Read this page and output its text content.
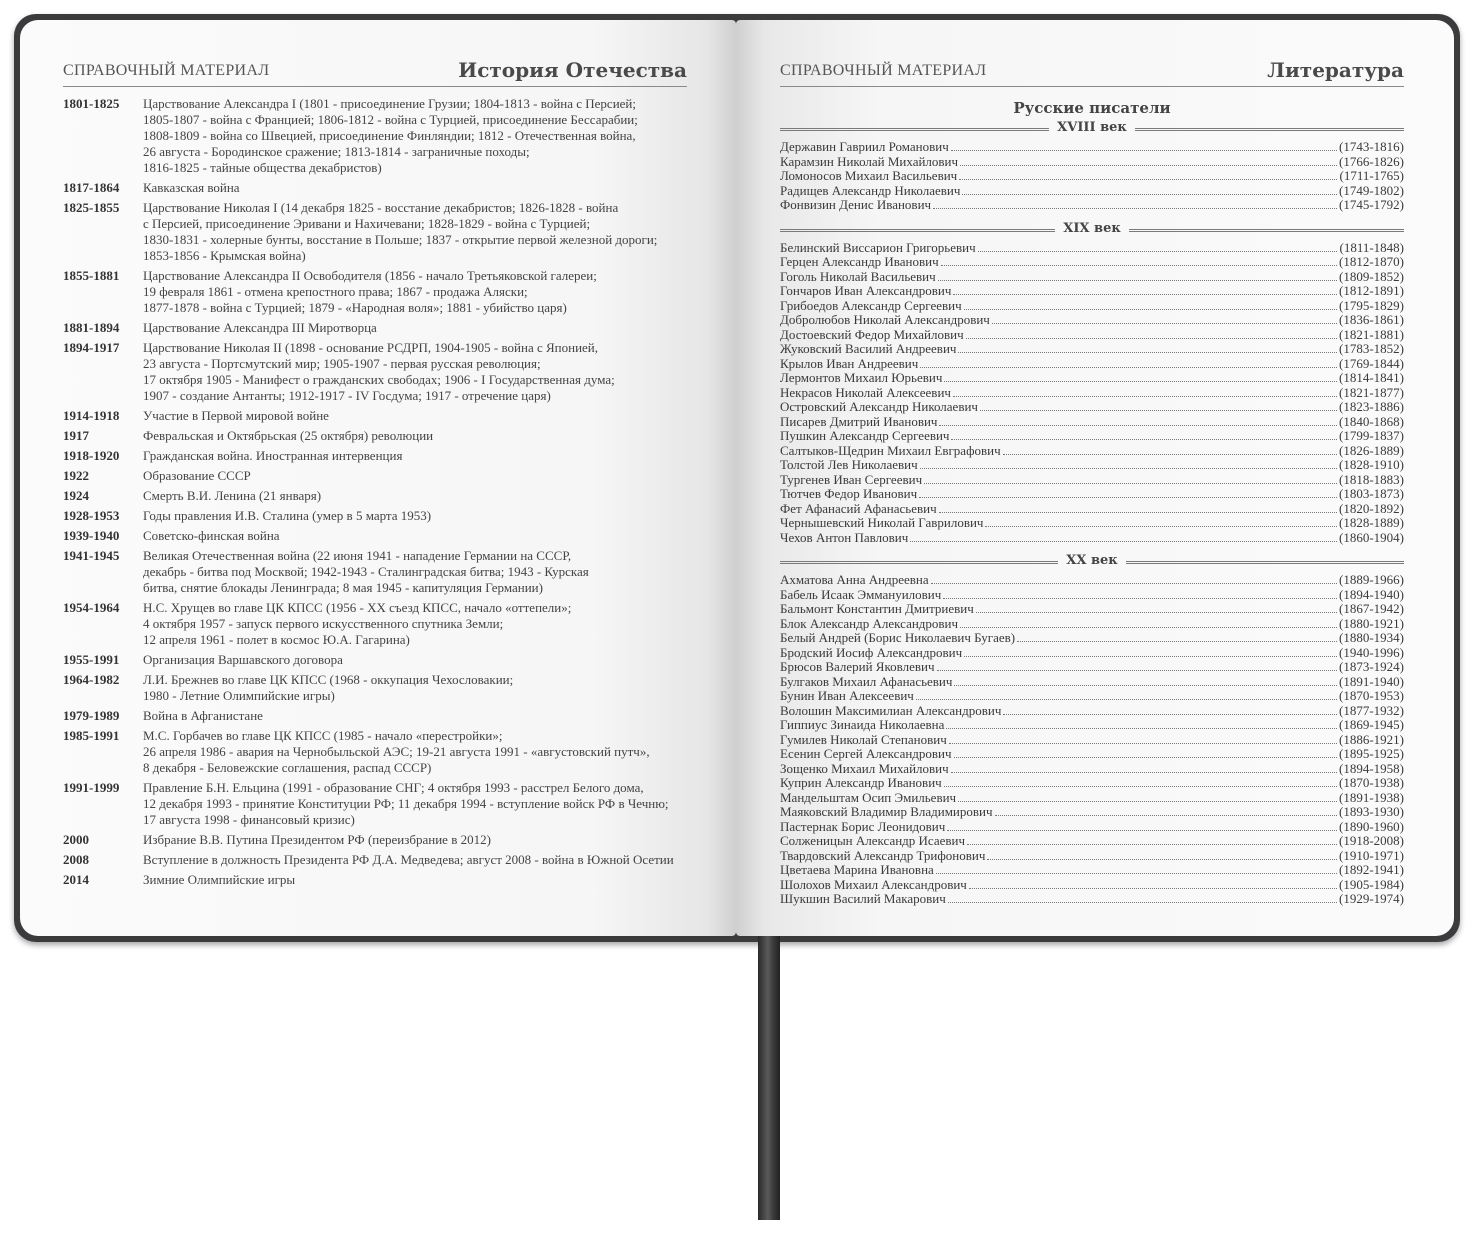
СПРАВОЧНЫЙ МАТЕРИАЛ	История Отечества
1801-1825	Царствование Александра I (1801 - присоединение Грузии; 1804-1813 - война с Персией;
1805-1807 - война с Францией; 1806-1812 - война с Турцией, присоединение Бессарабии;
1808-1809 - война со Швецией, присоединение Финляндии; 1812 - Отечественная война,
26 августа - Бородинское сражение; 1813-1814 - заграничные походы;
1816-1825 - тайные общества декабристов)
1817-1864	Кавказская война
1825-1855	Царствование Николая I (14 декабря 1825 - восстание декабристов; 1826-1828 - война
с Персией, присоединение Эривани и Нахичевани; 1828-1829 - война с Турцией;
1830-1831 - холерные бунты, восстание в Польше; 1837 - открытие первой железной дороги;
1853-1856 - Крымская война)
1855-1881	Царствование Александра II Освободителя (1856 - начало Третьяковской галереи;
19 февраля 1861 - отмена крепостного права; 1867 - продажа Аляски;
1877-1878 - война с Турцией; 1879 - «Народная воля»; 1881 - убийство царя)
1881-1894	Царствование Александра III Миротворца
1894-1917	Царствование Николая II (1898 - основание РСДРП, 1904-1905 - война с Японией,
23 августа - Портсмутский мир; 1905-1907 - первая русская революция;
17 октября 1905 - Манифест о гражданских свободах; 1906 - I Государственная дума;
1907 - создание Антанты; 1912-1917 - IV Госдума; 1917 - отречение царя)
1914-1918	Участие в Первой мировой войне
1917	Февральская и Октябрьская (25 октября) революции
1918-1920	Гражданская война. Иностранная интервенция
1922	Образование СССР
1924	Смерть В.И. Ленина (21 января)
1928-1953	Годы правления И.В. Сталина (умер в 5 марта 1953)
1939-1940	Советско-финская война
1941-1945	Великая Отечественная война (22 июня 1941 - нападение Германии на СССР,
декабрь - битва под Москвой; 1942-1943 - Сталинградская битва; 1943 - Курская
битва, снятие блокады Ленинграда; 8 мая 1945 - капитуляция Германии)
1954-1964	Н.С. Хрущев во главе ЦК КПСС (1956 - XX съезд КПСС, начало «оттепели»;
4 октября 1957 - запуск первого искусственного спутника Земли;
12 апреля 1961 - полет в космос Ю.А. Гагарина)
1955-1991	Организация Варшавского договора
1964-1982	Л.И. Брежнев во главе ЦК КПСС (1968 - оккупация Чехословакии;
1980 - Летние Олимпийские игры)
1979-1989	Война в Афганистане
1985-1991	М.С. Горбачев во главе ЦК КПСС (1985 - начало «перестройки»;
26 апреля 1986 - авария на Чернобыльской АЭС; 19-21 августа 1991 - «августовский путч»,
8 декабря - Беловежские соглашения, распад СССР)
1991-1999	Правление Б.Н. Ельцина (1991 - образование СНГ; 4 октября 1993 - расстрел Белого дома,
12 декабря 1993 - принятие Конституции РФ; 11 декабря 1994 - вступление войск РФ в Чечню;
17 августа 1998 - финансовый кризис)
2000	Избрание В.В. Путина Президентом РФ (переизбрание в 2012)
2008	Вступление в должность Президента РФ Д.А. Медведева; август 2008 - война в Южной Осетии
2014	Зимние Олимпийские игры
СПРАВОЧНЫЙ МАТЕРИАЛ	Литература
Русские писатели
XVIII век
Державин Гавриил Романович	(1743-1816)
Карамзин Николай Михайлович	(1766-1826)
Ломоносов Михаил Васильевич	(1711-1765)
Радищев Александр Николаевич	(1749-1802)
Фонвизин Денис Иванович	(1745-1792)
XIX век
Белинский Виссарион Григорьевич	(1811-1848)
Герцен Александр Иванович	(1812-1870)
Гоголь Николай Васильевич	(1809-1852)
Гончаров Иван Александрович	(1812-1891)
Грибоедов Александр Сергеевич	(1795-1829)
Добролюбов Николай Александрович	(1836-1861)
Достоевский Федор Михайлович	(1821-1881)
Жуковский Василий Андреевич	(1783-1852)
Крылов Иван Андреевич	(1769-1844)
Лермонтов Михаил Юрьевич	(1814-1841)
Некрасов Николай Алексеевич	(1821-1877)
Островский Александр Николаевич	(1823-1886)
Писарев Дмитрий Иванович	(1840-1868)
Пушкин Александр Сергеевич	(1799-1837)
Салтыков-Щедрин Михаил Евграфович	(1826-1889)
Толстой Лев Николаевич	(1828-1910)
Тургенев Иван Сергеевич	(1818-1883)
Тютчев Федор Иванович	(1803-1873)
Фет Афанасий Афанасьевич	(1820-1892)
Чернышевский Николай Гаврилович	(1828-1889)
Чехов Антон Павлович	(1860-1904)
XX век
Ахматова Анна Андреевна	(1889-1966)
Бабель Исаак Эммануилович	(1894-1940)
Бальмонт Константин Дмитриевич	(1867-1942)
Блок Александр Александрович	(1880-1921)
Белый Андрей (Борис Николаевич Бугаев)	(1880-1934)
Бродский Иосиф Александрович	(1940-1996)
Брюсов Валерий Яковлевич	(1873-1924)
Булгаков Михаил Афанасьевич	(1891-1940)
Бунин Иван Алексеевич	(1870-1953)
Волошин Максимилиан Александрович	(1877-1932)
Гиппиус Зинаида Николаевна	(1869-1945)
Гумилев Николай Степанович	(1886-1921)
Есенин Сергей Александрович	(1895-1925)
Зощенко Михаил Михайлович	(1894-1958)
Куприн Александр Иванович	(1870-1938)
Мандельштам Осип Эмильевич	(1891-1938)
Маяковский Владимир Владимирович	(1893-1930)
Пастернак Борис Леонидович	(1890-1960)
Солженицын Александр Исаевич	(1918-2008)
Твардовский Александр Трифонович	(1910-1971)
Цветаева Марина Ивановна	(1892-1941)
Шолохов Михаил Александрович	(1905-1984)
Шукшин Василий Макарович	(1929-1974)
